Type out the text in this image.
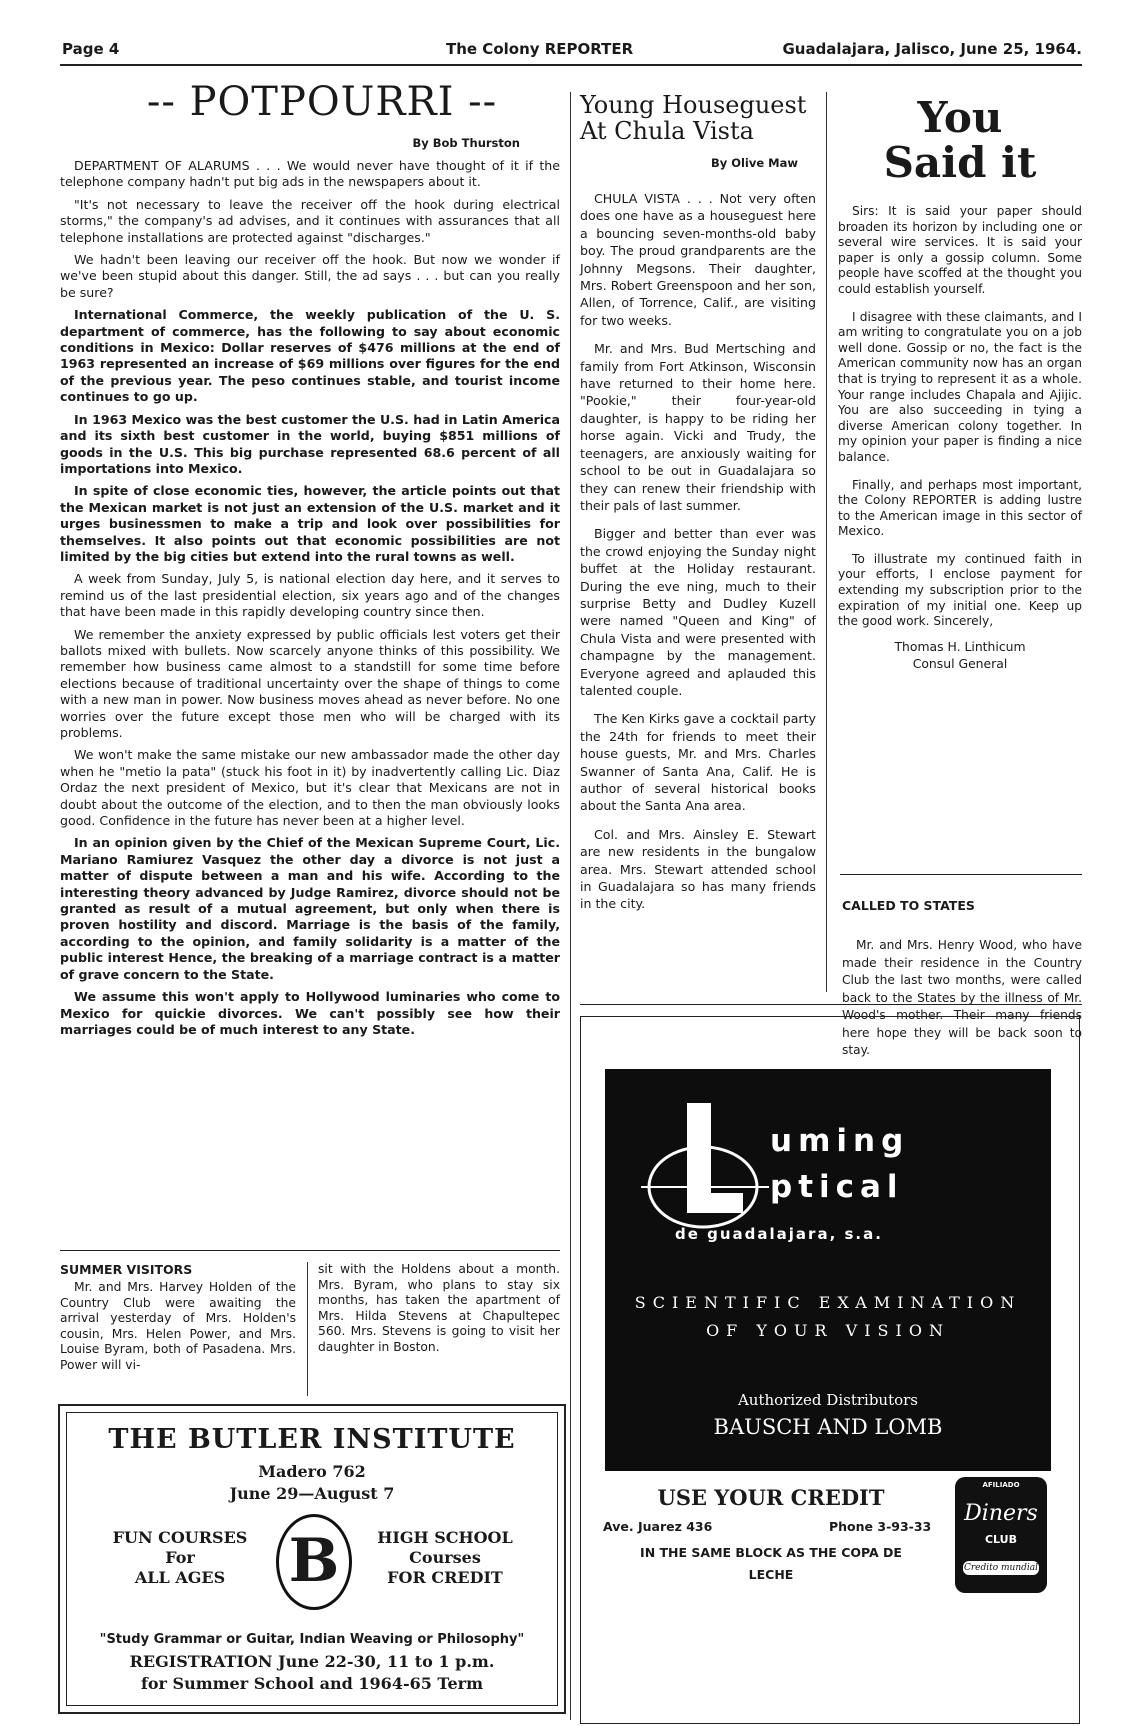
Page 4	The Colony REPORTER	Guadalajara, Jalisco, June 25, 1964.
-- POTPOURRI --
By Bob Thurston

DEPARTMENT OF ALARUMS . . . We would never have thought of it if the telephone company hadn't put big ads in the newspapers about it.

"It's not necessary to leave the receiver off the hook during electrical storms," the company's ad advises, and it continues with assurances that all telephone installations are protected against "discharges."

We hadn't been leaving our receiver off the hook. But now we wonder if we've been stupid about this danger. Still, the ad says . . . but can you really be sure?

International Commerce, the weekly publication of the U. S. department of commerce, has the following to say about economic conditions in Mexico: Dollar reserves of $476 millions at the end of 1963 represented an increase of $69 millions over figures for the end of the previous year. The peso continues stable, and tourist income continues to go up.

In 1963 Mexico was the best customer the U.S. had in Latin America and its sixth best customer in the world, buying $851 millions of goods in the U.S. This big purchase represented 68.6 percent of all importations into Mexico.

In spite of close economic ties, however, the article points out that the Mexican market is not just an extension of the U.S. market and it urges businessmen to make a trip and look over possibilities for themselves. It also points out that economic possibilities are not limited by the big cities but extend into the rural towns as well.

A week from Sunday, July 5, is national election day here, and it serves to remind us of the last presidential election, six years ago and of the changes that have been made in this rapidly developing country since then.

We remember the anxiety expressed by public officials lest voters get their ballots mixed with bullets. Now scarcely anyone thinks of this possibility. We remember how business came almost to a standstill for some time before elections because of traditional uncertainty over the shape of things to come with a new man in power. Now business moves ahead as never before. No one worries over the future except those men who will be charged with its problems.

We won't make the same mistake our new ambassador made the other day when he "metio la pata" (stuck his foot in it) by inadvertently calling Lic. Diaz Ordaz the next president of Mexico, but it's clear that Mexicans are not in doubt about the outcome of the election, and to then the man obviously looks good. Confidence in the future has never been at a higher level.

In an opinion given by the Chief of the Mexican Supreme Court, Lic. Mariano Ramiurez Vasquez the other day a divorce is not just a matter of dispute between a man and his wife. According to the interesting theory advanced by Judge Ramirez, divorce should not be granted as result of a mutual agreement, but only when there is proven hostility and discord. Marriage is the basis of the family, according to the opinion, and family solidarity is a matter of the public interest Hence, the breaking of a marriage contract is a matter of grave concern to the State.

We assume this won't apply to Hollywood luminaries who come to Mexico for quickie divorces. We can't possibly see how their marriages could be of much interest to any State.

SUMMER VISITORS

Mr. and Mrs. Harvey Holden of the Country Club were awaiting the arrival yesterday of Mrs. Holden's cousin, Mrs. Helen Power, and Mrs. Louise Byram, both of Pasadena. Mrs. Power will vi-

sit with the Holdens about a month. Mrs. Byram, who plans to stay six months, has taken the apartment of Mrs. Hilda Stevens at Chapultepec 560. Mrs. Stevens is going to visit her daughter in Boston.

THE BUTLER INSTITUTE
Madero 762
June 29—August 7
FUN COURSES
For
ALL AGES	B	HIGH SCHOOL
Courses
FOR CREDIT
"Study Grammar or Guitar, Indian Weaving or Philosophy"
REGISTRATION June 22-30, 11 to 1 p.m.
for Summer School and 1964-65 Term
Young Houseguest
At Chula Vista
By Olive Maw

CHULA VISTA . . . Not very often does one have as a houseguest here a bouncing seven-months-old baby boy. The proud grandparents are the Johnny Megsons. Their daughter, Mrs. Robert Greenspoon and her son, Allen, of Torrence, Calif., are visiting for two weeks.

Mr. and Mrs. Bud Mertsching and family from Fort Atkinson, Wisconsin have returned to their home here. "Pookie," their four-year-old daughter, is happy to be riding her horse again. Vicki and Trudy, the teenagers, are anxiously waiting for school to be out in Guadalajara so they can renew their friendship with their pals of last summer.

Bigger and better than ever was the crowd enjoying the Sunday night buffet at the Holiday restaurant. During the eve ning, much to their surprise Betty and Dudley Kuzell were named "Queen and King" of Chula Vista and were presented with champagne by the management. Everyone agreed and aplauded this talented couple.

The Ken Kirks gave a cocktail party the 24th for friends to meet their house guests, Mr. and Mrs. Charles Swanner of Santa Ana, Calif. He is author of several historical books about the Santa Ana area.

Col. and Mrs. Ainsley E. Stewart are new residents in the bungalow area. Mrs. Stewart attended school in Guadalajara so has many friends in the city.

You
Said it

Sirs: It is said your paper should broaden its horizon by including one or several wire services. It is said your paper is only a gossip column. Some people have scoffed at the thought you could establish yourself.

I disagree with these claimants, and I am writing to congratulate you on a job well done. Gossip or no, the fact is the American community now has an organ that is trying to represent it as a whole. Your range includes Chapala and Ajijic. You are also succeeding in tying a diverse American colony together. In my opinion your paper is finding a nice balance.

Finally, and perhaps most important, the Colony REPORTER is adding lustre to the American image in this sector of Mexico.

To illustrate my continued faith in your efforts, I enclose payment for extending my subscription prior to the expiration of my initial one. Keep up the good work. Sincerely,

Thomas H. Linthicum
Consul General
CALLED TO STATES

Mr. and Mrs. Henry Wood, who have made their residence in the Country Club the last two months, were called back to the States by the illness of Mr. Wood's mother. Their many friends here hope they will be back soon to stay.

uming
ptical
de guadalajara, s.a.
SCIENTIFIC EXAMINATION
OF YOUR VISION
Authorized Distributors
BAUSCH AND LOMB
USE YOUR CREDIT
Ave. Juarez 436	Phone 3-93-33
IN THE SAME BLOCK AS THE COPA DE
LECHE
AFILIADO
Diners
CLUB
Credito mundial
